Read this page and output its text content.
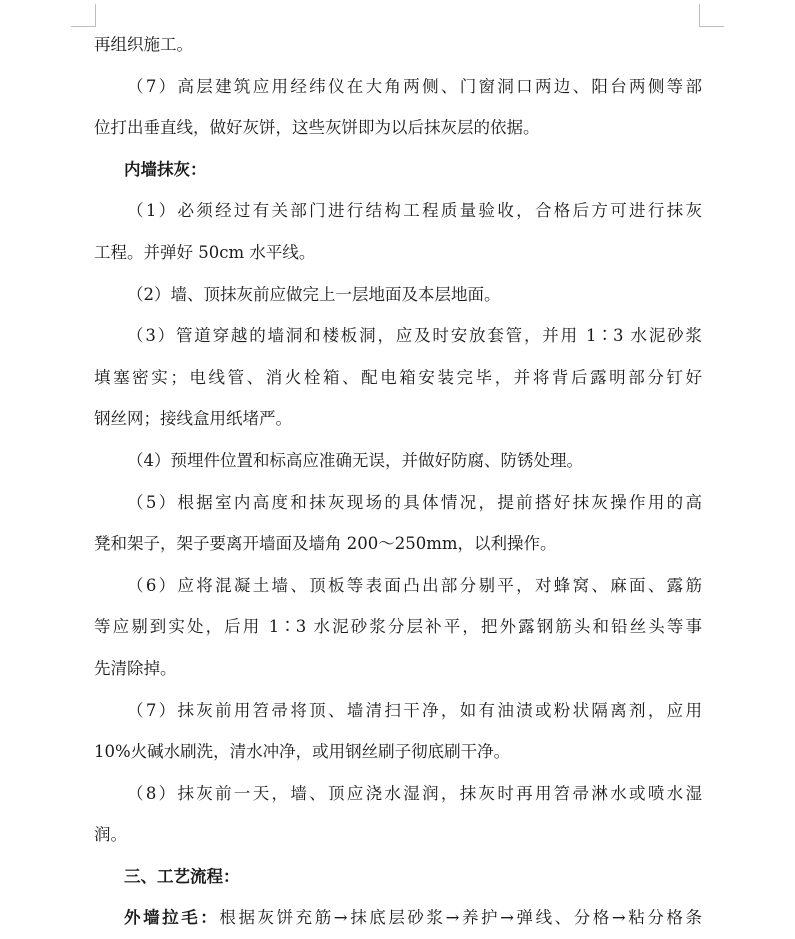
再组织施工。
（7）高层建筑应用经纬仪在大角两侧、门窗洞口两边、阳台两侧等部
位打出垂直线，做好灰饼，这些灰饼即为以后抹灰层的依据。
内墙抹灰：
（1）必须经过有关部门进行结构工程质量验收，合格后方可进行抹灰
工程。并弹好 50cm 水平线。
（2）墙、顶抹灰前应做完上一层地面及本层地面。
（3）管道穿越的墙洞和楼板洞，应及时安放套管，并用 1∶3 水泥砂浆
填塞密实；电线管、消火栓箱、配电箱安装完毕，并将背后露明部分钉好
钢丝网；接线盒用纸堵严。
（4）预埋件位置和标高应准确无误，并做好防腐、防锈处理。
（5）根据室内高度和抹灰现场的具体情况，提前搭好抹灰操作用的高
凳和架子，架子要离开墙面及墙角 200～250mm，以利操作。
（6）应将混凝土墙、顶板等表面凸出部分剔平，对蜂窝、麻面、露筋
等应剔到实处，后用 1∶3 水泥砂浆分层补平，把外露钢筋头和铅丝头等事
先清除掉。
（7）抹灰前用笤帚将顶、墙清扫干净，如有油渍或粉状隔离剂，应用
10%火碱水刷洗，清水冲净，或用钢丝刷子彻底刷干净。
（8）抹灰前一天，墙、顶应浇水湿润，抹灰时再用笤帚淋水或喷水湿
润。
三、工艺流程：
外墙拉毛：根据灰饼充筋→抹底层砂浆→养护→弹线、分格→粘分格条
